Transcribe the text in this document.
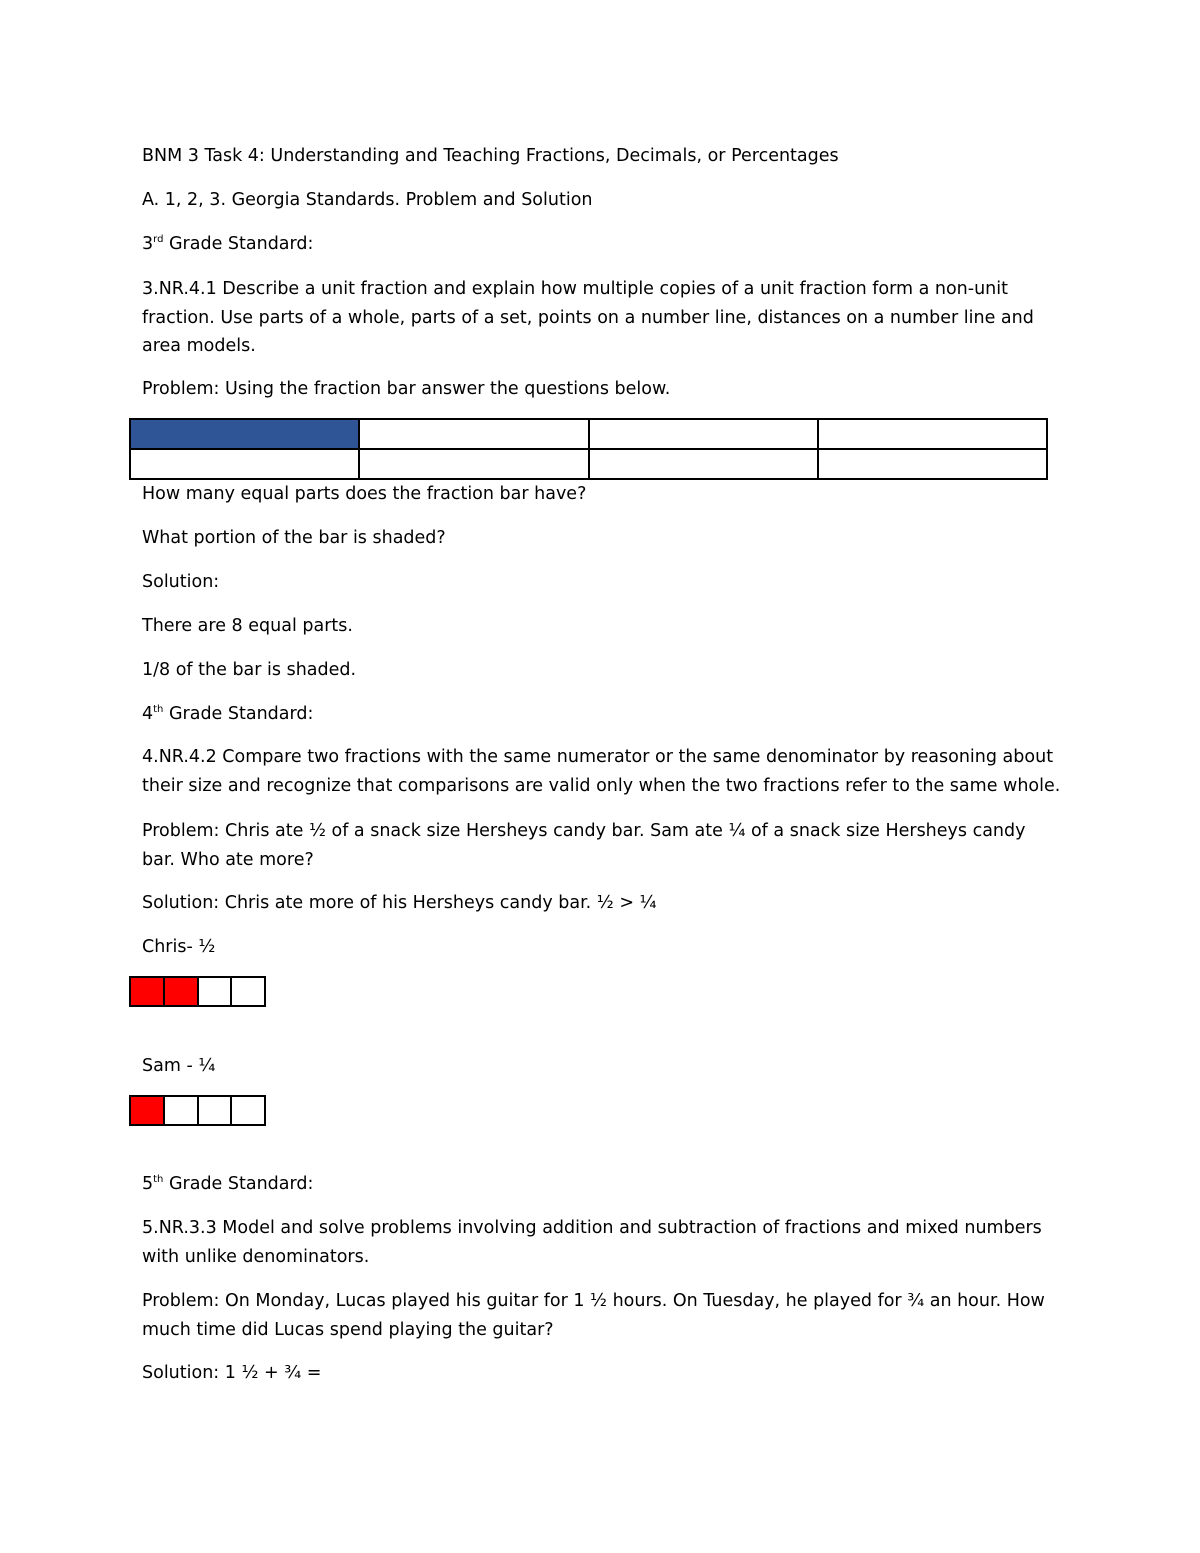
BNM 3 Task 4: Understanding and Teaching Fractions, Decimals, or Percentages
A. 1, 2, 3. Georgia Standards. Problem and Solution
3rd Grade Standard:
3.NR.4.1 Describe a unit fraction and explain how multiple copies of a unit fraction form a non-unit fraction. Use parts of a whole, parts of a set, points on a number line, distances on a number line and area models.
Problem: Using the fraction bar answer the questions below.

How many equal parts does the fraction bar have?
What portion of the bar is shaded?
Solution:
There are 8 equal parts.
1/8 of the bar is shaded.
4th Grade Standard:
4.NR.4.2 Compare two fractions with the same numerator or the same denominator by reasoning about their size and recognize that comparisons are valid only when the two fractions refer to the same whole.
Problem: Chris ate ½ of a snack size Hersheys candy bar. Sam ate ¼ of a snack size Hersheys candy bar. Who ate more?
Solution: Chris ate more of his Hersheys candy bar. ½ > ¼
Chris- ½
Sam - ¼
5th Grade Standard:
5.NR.3.3 Model and solve problems involving addition and subtraction of fractions and mixed numbers with unlike denominators.
Problem: On Monday, Lucas played his guitar for 1 ½ hours. On Tuesday, he played for ¾ an hour. How much time did Lucas spend playing the guitar?
Solution: 1 ½ + ¾ =
